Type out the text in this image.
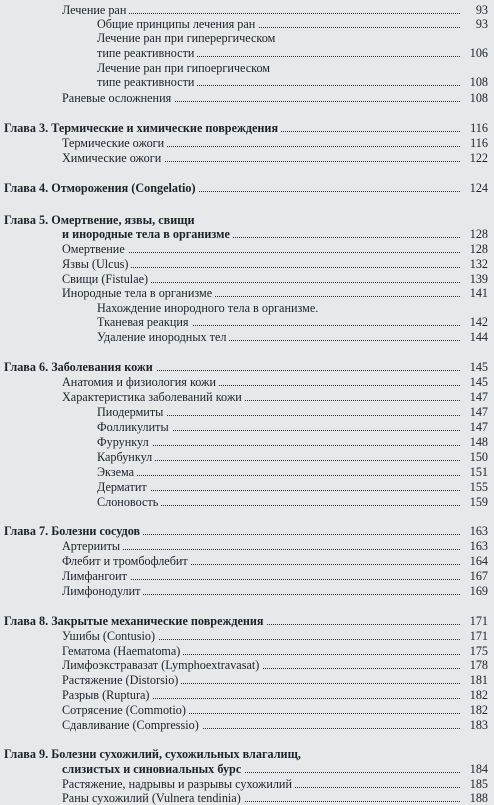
Лечение ран	93
Общие принципы лечения ран	93
Лечение ран при гиперергическом
типе реактивности	106
Лечение ран при гипоергическом
типе реактивности	108
Раневые осложнения	108
Глава 3. Термические и химические повреждения	116
Термические ожоги	116
Химические ожоги	122
Глава 4. Отморожения (Congelatio)	124
Глава 5. Омертвение, язвы, свищи
и инородные тела в организме	128
Омертвение	128
Язвы (Ulcus)	132
Свищи (Fistulae)	139
Инородные тела в организме	141
Нахождение инородного тела в организме.
Тканевая реакция	142
Удаление инородных тел	144
Глава 6. Заболевания кожи	145
Анатомия и физиология кожи	145
Характеристика заболеваний кожи	147
Пиодермиты	147
Фолликулиты	147
Фурункул	148
Карбункул	150
Экзема	151
Дерматит	155
Слоновость	159
Глава 7. Болезни сосудов	163
Артерииты	163
Флебит и тромбофлебит	164
Лимфангоит	167
Лимфонодулит	169
Глава 8. Закрытые механические повреждения	171
Ушибы (Contusio)	171
Гематома (Haematoma)	175
Лимфоэкстравазат (Lymphoextravasat)	178
Растяжение (Distorsio)	181
Разрыв (Ruptura)	182
Сотрясение (Commotio)	182
Сдавливание (Compressio)	183
Глава 9. Болезни сухожилий, сухожильных влагалищ,
слизистых и синовиальных бурс	184
Растяжение, надрывы и разрывы сухожилий	185
Раны сухожилий (Vulnera tendinia)	188
